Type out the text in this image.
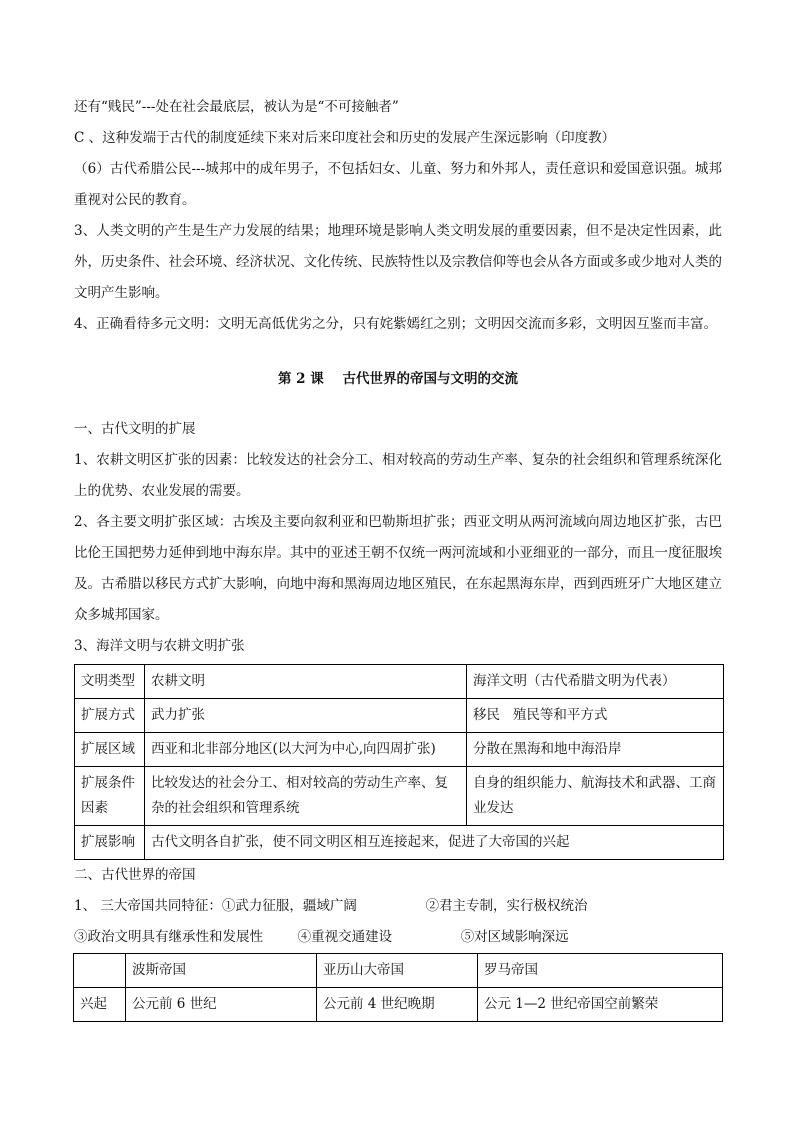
还有“贱民”---处在社会最底层，被认为是“不可接触者”

C 、这种发端于古代的制度延续下来对后来印度社会和历史的发展产生深远影响（印度教）

（6）古代希腊公民---城邦中的成年男子，不包括妇女、儿童、努力和外邦人，责任意识和爱国意识强。城邦重视对公民的教育。

3、人类文明的产生是生产力发展的结果；地理环境是影响人类文明发展的重要因素，但不是决定性因素，此外，历史条件、社会环境、经济状况、文化传统、民族特性以及宗教信仰等也会从各方面或多或少地对人类的文明产生影响。

4、正确看待多元文明：文明无高低优劣之分，只有姹紫嫣红之别；文明因交流而多彩，文明因互鉴而丰富。

第 2 课    古代世界的帝国与文明的交流

一、古代文明的扩展

1、农耕文明区扩张的因素：比较发达的社会分工、相对较高的劳动生产率、复杂的社会组织和管理系统深化上的优势、农业发展的需要。

2、各主要文明扩张区域：古埃及主要向叙利亚和巴勒斯坦扩张；西亚文明从两河流域向周边地区扩张，古巴比伦王国把势力延伸到地中海东岸。其中的亚述王朝不仅统一两河流域和小亚细亚的一部分，而且一度征服埃及。古希腊以移民方式扩大影响，向地中海和黑海周边地区殖民，在东起黑海东岸，西到西班牙广大地区建立众多城邦国家。

3、海洋文明与农耕文明扩张

文明类型	农耕文明	海洋文明（古代希腊文明为代表）
扩展方式	武力扩张	移民   殖民等和平方式
扩展区域	西亚和北非部分地区(以大河为中心,向四周扩张)	分散在黑海和地中海沿岸
扩展条件因素	比较发达的社会分工、相对较高的劳动生产率、复杂的社会组织和管理系统	自身的组织能力、航海技术和武器、工商业发达
扩展影响	古代文明各自扩张，使不同文明区相互连接起来，促进了大帝国的兴起	

二、古代世界的帝国

1、 三大帝国共同特征：①武力征服，疆域广阔	②君主专制，实行极权统治

③政治文明具有继承性和发展性	④重视交通建设	⑤对区域影响深远

	波斯帝国	亚历山大帝国	罗马帝国
兴起	公元前 6 世纪	公元前 4 世纪晚期	公元 1—2 世纪帝国空前繁荣
